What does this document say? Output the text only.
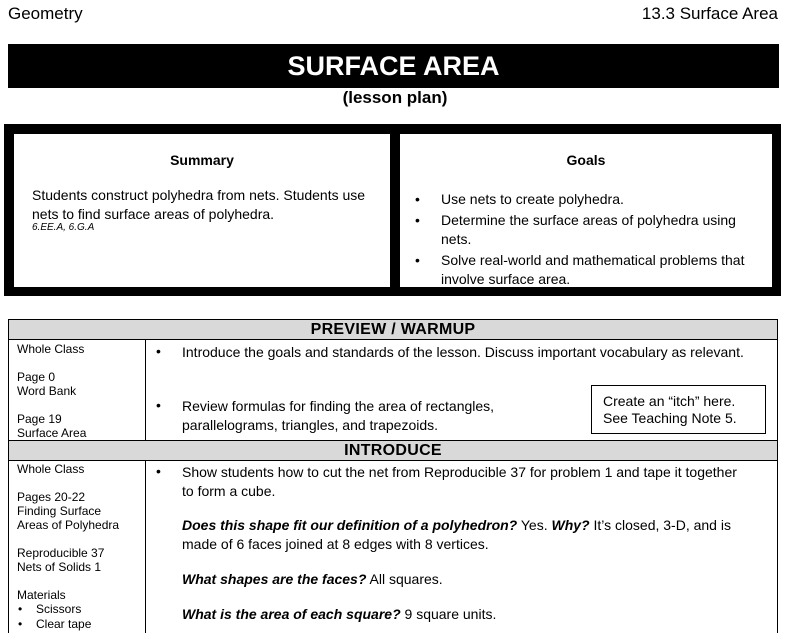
Geometry	13.3 Surface Area
SURFACE AREA
(lesson plan)
Summary
Students construct polyhedra from nets. Students use nets to find surface areas of polyhedra.
6.EE.A, 6.G.A
Goals
• Use nets to create polyhedra.
• Determine the surface areas of polyhedra using nets.
• Solve real-world and mathematical problems that involve surface area.
PREVIEW / WARMUP
Whole Class
Page 0
Word Bank
Page 19
Surface Area
• Introduce the goals and standards of the lesson. Discuss important vocabulary as relevant.
• Review formulas for finding the area of rectangles, parallelograms, triangles, and trapezoids.
Create an “itch” here.
See Teaching Note 5.
INTRODUCE
Whole Class
Pages 20-22
Finding Surface
Areas of Polyhedra
Reproducible 37
Nets of Solids 1
Materials
• Scissors
• Clear tape
• Show students how to cut the net from Reproducible 37 for problem 1 and tape it together to form a cube.
Does this shape fit our definition of a polyhedron? Yes. Why? It’s closed, 3-D, and is made of 6 faces joined at 8 edges with 8 vertices.
What shapes are the faces? All squares.
What is the area of each square? 9 square units.
